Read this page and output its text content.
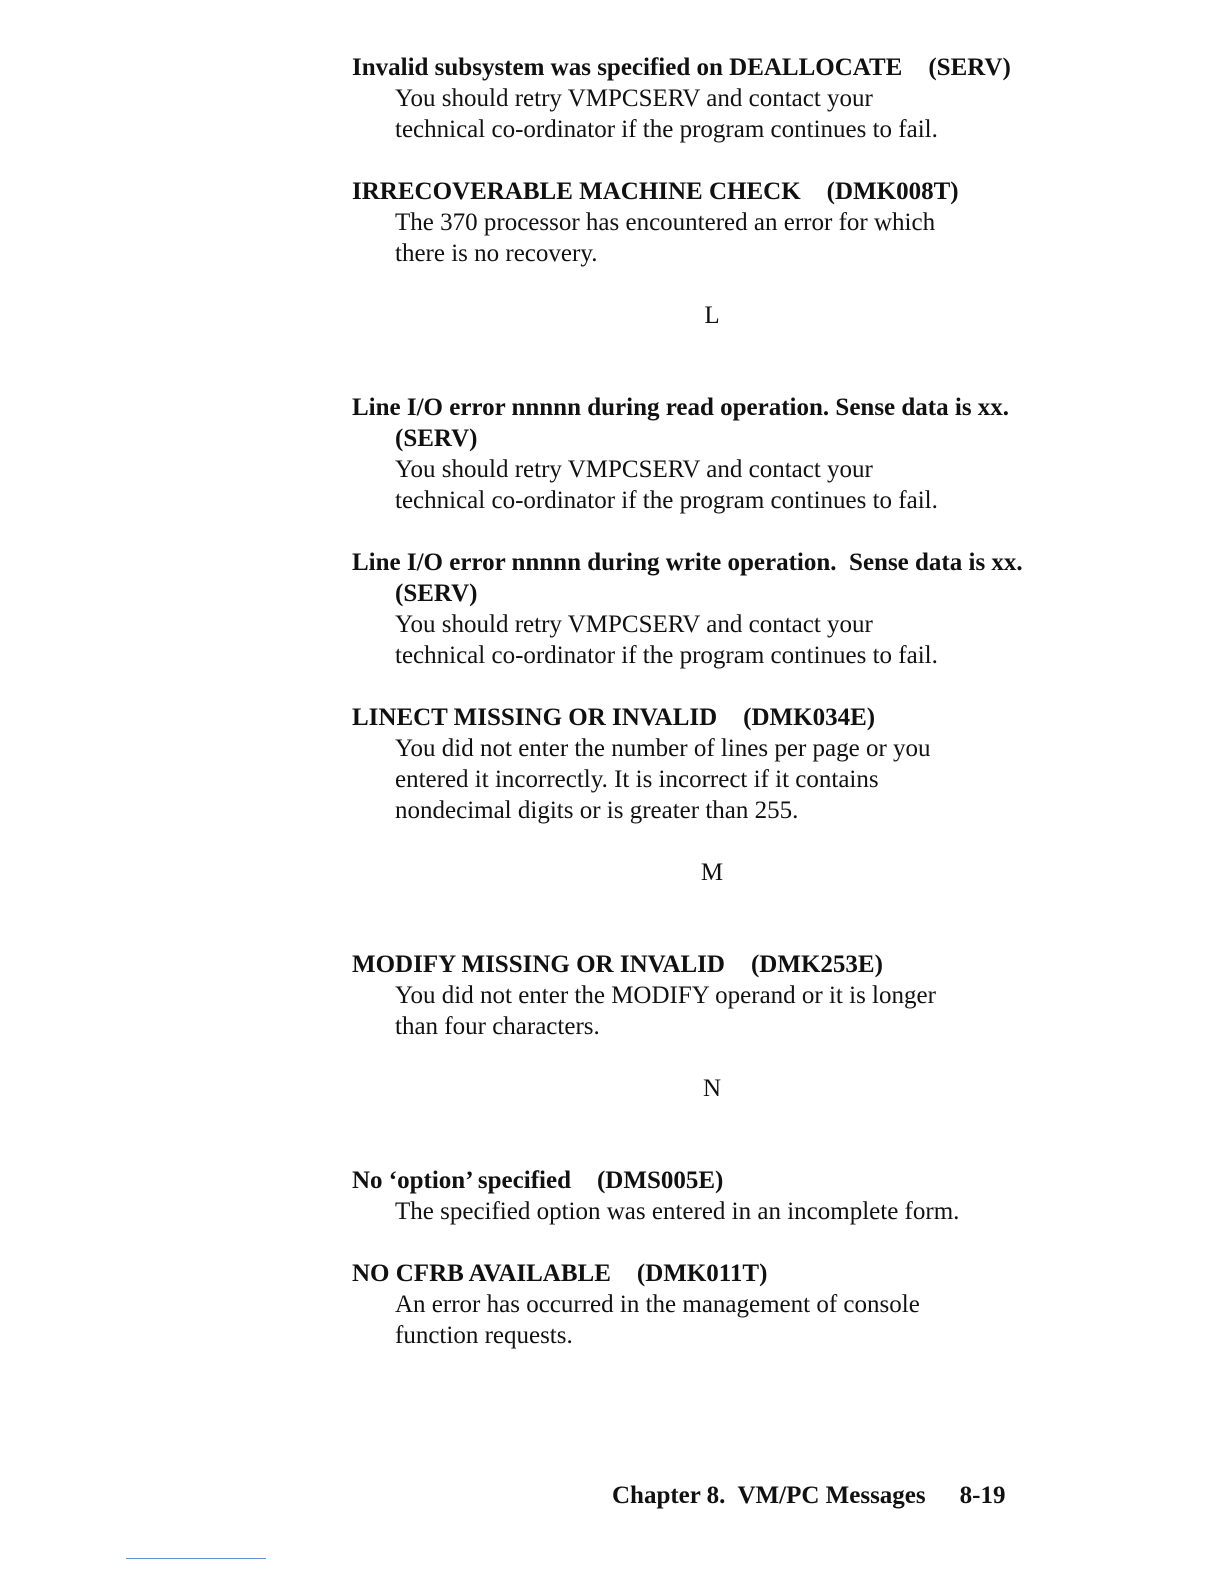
Invalid subsystem was specified on DEALLOCATE (SERV)

You should retry VMPCSERV and contact your
technical co-ordinator if the program continues to fail.

IRRECOVERABLE MACHINE CHECK (DMK008T)

The 370 processor has encountered an error for which
there is no recovery.

L

Line I/O error nnnnn during read operation. Sense data is xx.
(SERV)

You should retry VMPCSERV and contact your
technical co-ordinator if the program continues to fail.

Line I/O error nnnnn during write operation.  Sense data is xx.
(SERV)

You should retry VMPCSERV and contact your
technical co-ordinator if the program continues to fail.

LINECT MISSING OR INVALID (DMK034E)

You did not enter the number of lines per page or you
entered it incorrectly. It is incorrect if it contains
nondecimal digits or is greater than 255.

M

MODIFY MISSING OR INVALID (DMK253E)

You did not enter the MODIFY operand or it is longer
than four characters.

N

No ‘option’ specified (DMS005E)

The specified option was entered in an incomplete form.

NO CFRB AVAILABLE (DMK011T)

An error has occurred in the management of console
function requests.

Chapter 8.  VM/PC Messages 8-19
